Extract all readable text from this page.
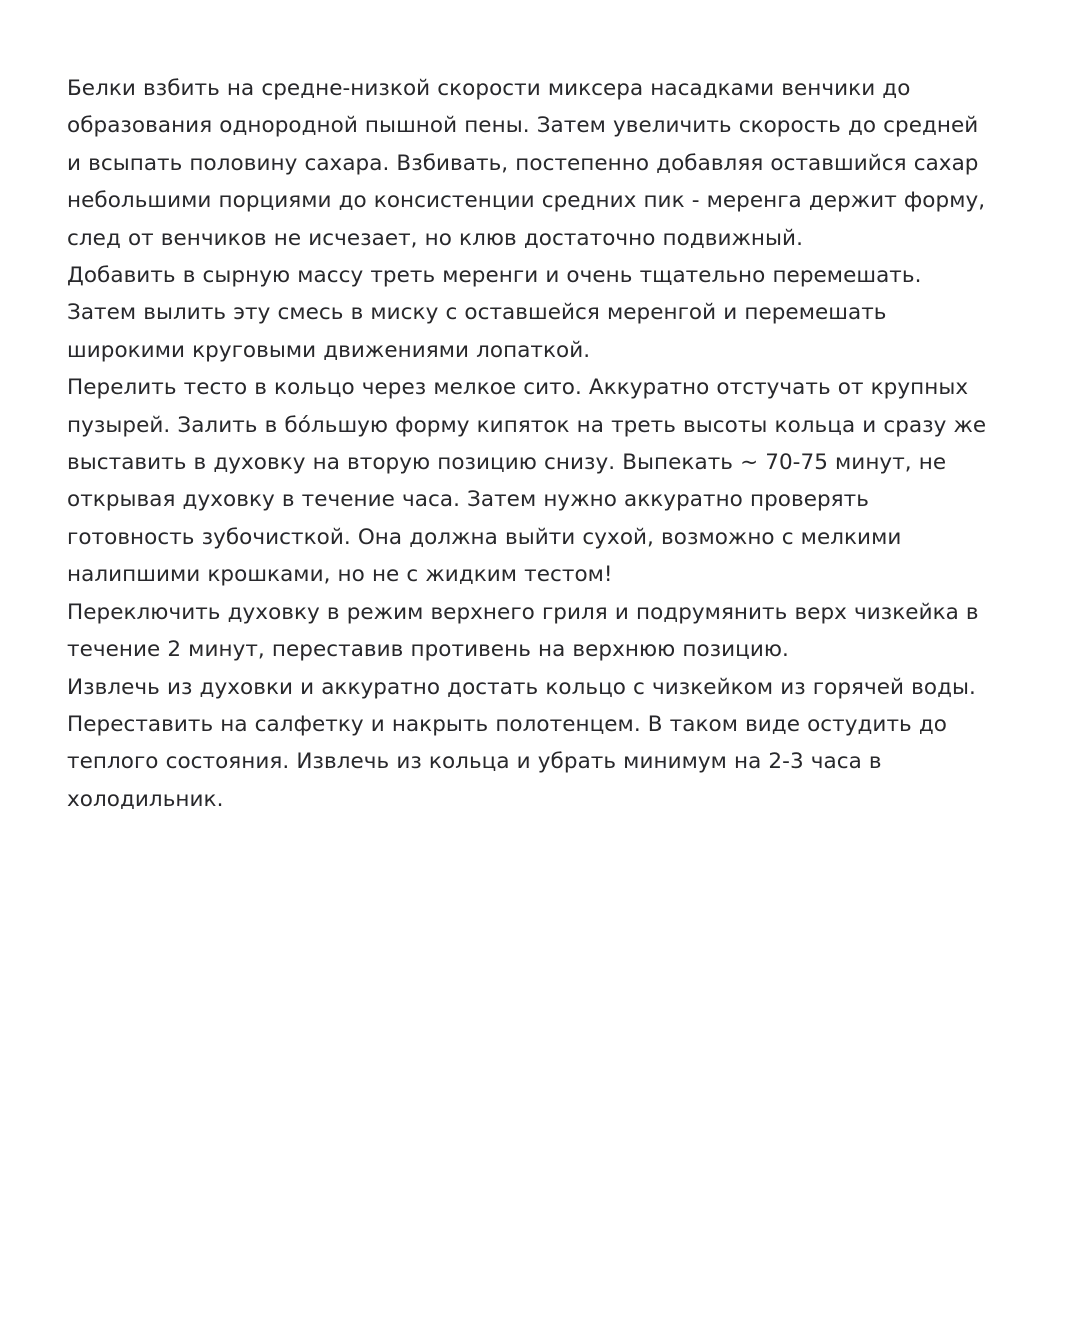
Белки взбить на средне-низкой скорости миксера насадками венчики до образования однородной пышной пены. Затем увеличить скорость до средней и всыпать половину сахара. Взбивать, постепенно добавляя оставшийся сахар небольшими порциями до консистенции средних пик - меренга держит форму, след от венчиков не исчезает, но клюв достаточно подвижный.

Добавить в сырную массу треть меренги и очень тщательно перемешать. Затем вылить эту смесь в миску с оставшейся меренгой и перемешать широкими круговыми движениями лопаткой.

Перелить тесто в кольцо через мелкое сито. Аккуратно отстучать от крупных пузырей. Залить в бо́льшую форму кипяток на треть высоты кольца и сразу же выставить в духовку на вторую позицию снизу. Выпекать ~ 70-75 минут, не открывая духовку в течение часа. Затем нужно аккуратно проверять готовность зубочисткой. Она должна выйти сухой, возможно с мелкими налипшими крошками, но не с жидким тестом!

Переключить духовку в режим верхнего гриля и подрумянить верх чизкейка в течение 2 минут, переставив противень на верхнюю позицию.

Извлечь из духовки и аккуратно достать кольцо с чизкейком из горячей воды.

Переставить на салфетку и накрыть полотенцем. В таком виде остудить до теплого состояния. Извлечь из кольца и убрать минимум на 2-3 часа в холодильник.
